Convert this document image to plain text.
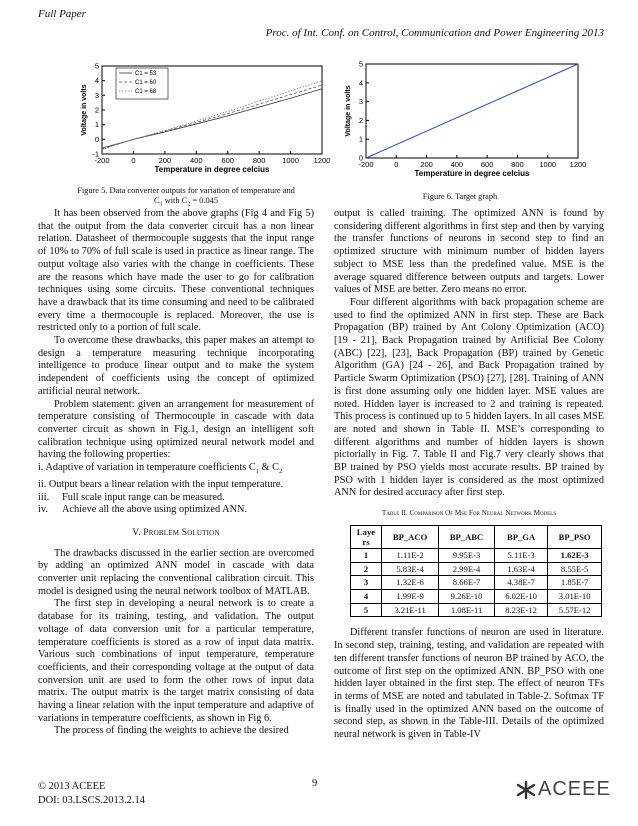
Full Paper
Proc. of Int. Conf. on Control, Communication and Power Engineering 2013
-200	0	200	400	600	800 1000 1200
-1
0
1
2
3
4
5
Temperature in degree celcius
Voltage in volts
C1 = 53
C1 = 60
C1 = 68
Figure 5. Data converter outputs for variation of temperature and
$C_1$ with $C_2 = 0.045$
-200	0	200 400 600 800 1000 1200
0
1
2
3
4
5
Temperature in degree celcius
Voltage in volts
Figure 6. Target graph

It has been observed from the above graphs (Fig 4 and Fig 5) that the output from the data converter circuit has a non linear relation. Datasheet of thermocouple suggests that the input range of 10% to 70% of full scale is used in practice as linear range. The output voltage also varies with the change in coefficients. These are the reasons which have made the user to go for calibration techniques using some circuits. These conventional techniques have a drawback that its time consuming and need to be calibrated every time a thermocouple is replaced. Moreover, the use is restricted only to a portion of full scale.

To overcome these drawbacks, this paper makes an attempt to design a temperature measuring technique incorporating intelligence to produce linear output and to make the system independent of coefficients using the concept of optimized artificial neural network.

Problem statement: given an arrangement for measurement of temperature consisting of Thermocouple in cascade with data converter circuit as shown in Fig.1, design an intelligent soft calibration technique using optimized neural network model and having the following properties:

i. Adaptive of variation in temperature coefficients $C_1$ & $C_2$
ii. Output bears a linear relation with the input temperature.
iii. Full scale input range can be measured.
iv. Achieve all the above using optimized ANN.
V. Problem Solution

The drawbacks discussed in the earlier section are overcomed by adding an optimized ANN model in cascade with data converter unit replacing the conventional calibration circuit. This model is designed using the neural network toolbox of MATLAB.

The first step in developing a neural network is to create a database for its training, testing, and validation. The output voltage of data conversion unit for a particular temperature, temperature coefficients is stored as a row of input data matrix. Various such combinations of input temperature, temperature coefficients, and their corresponding voltage at the output of data conversion unit are used to form the other rows of input data matrix. The output matrix is the target matrix consisting of data having a linear relation with the input temperature and adaptive of variations in temperature coefficients, as shown in Fig 6.

The process of finding the weights to achieve the desired

output is called training. The optimized ANN is found by considering different algorithms in first step and then by varying the transfer functions of neurons in second step to find an optimized structure with minimum number of hidden layers subject to MSE less than the predefined value. MSE is the average squared difference between outputs and targets. Lower values of MSE are better. Zero means no error.

Four different algorithms with back propagation scheme are used to find the optimized ANN in first step. These are Back Propagation (BP) trained by Ant Colony Optimization (ACO) [19 - 21], Back Propagation trained by Artificial Bee Colony (ABC) [22], [23], Back Propagation (BP) trained by Genetic Algorithm (GA) [24 - 26], and Back Propagation trained by Particle Swarm Optimization (PSO) [27], [28]. Training of ANN is first done assuming only one hidden layer. MSE values are noted. Hidden layer is increased to 2 and training is repeated. This process is continued up to 5 hidden layers. In all cases MSE are noted and shown in Table II. MSE’s corresponding to different algorithms and number of hidden layers is shown pictorially in Fig. 7. Table II and Fig.7 very clearly shows that BP trained by PSO yields most accurate results. BP trained by PSO with 1 hidden layer is considered as the most optimized ANN for desired accuracy after first step.

Table II. Comparison Of Mse For Neural Network Models
Laye
rs	BP_ACO	BP_ABC	BP_GA	BP_PSO
1	1.11E-2	9.95E-3	5.11E-3	1.62E-3
2	5.83E-4	2.99E-4	1.63E-4	8.55E-5
3	1.32E-6	8.66E-7	4.38E-7	1.85E-7
4	1.99E-9	9.26E-10	6.02E-10	3.01E-10
5	3.21E-11	1.08E-11	8.23E-12	5.57E-12

Different transfer functions of neuron are used in literature. In second step, training, testing, and validation are repeated with ten different transfer functions of neuron BP trained by ACO, the outcome of first step on the optimized ANN. BP_PSO with one hidden layer obtained in the first step. The effect of neuron TFs in terms of MSE are noted and tabulated in Table-2. Softmax TF is finally used in the optimized ANN based on the outcome of second step, as shown in the Table-III. Details of the optimized neural network is given in Table-IV

© 2013 ACEEE
DOI: 03.LSCS.2013.2.14
9	ACEEE
